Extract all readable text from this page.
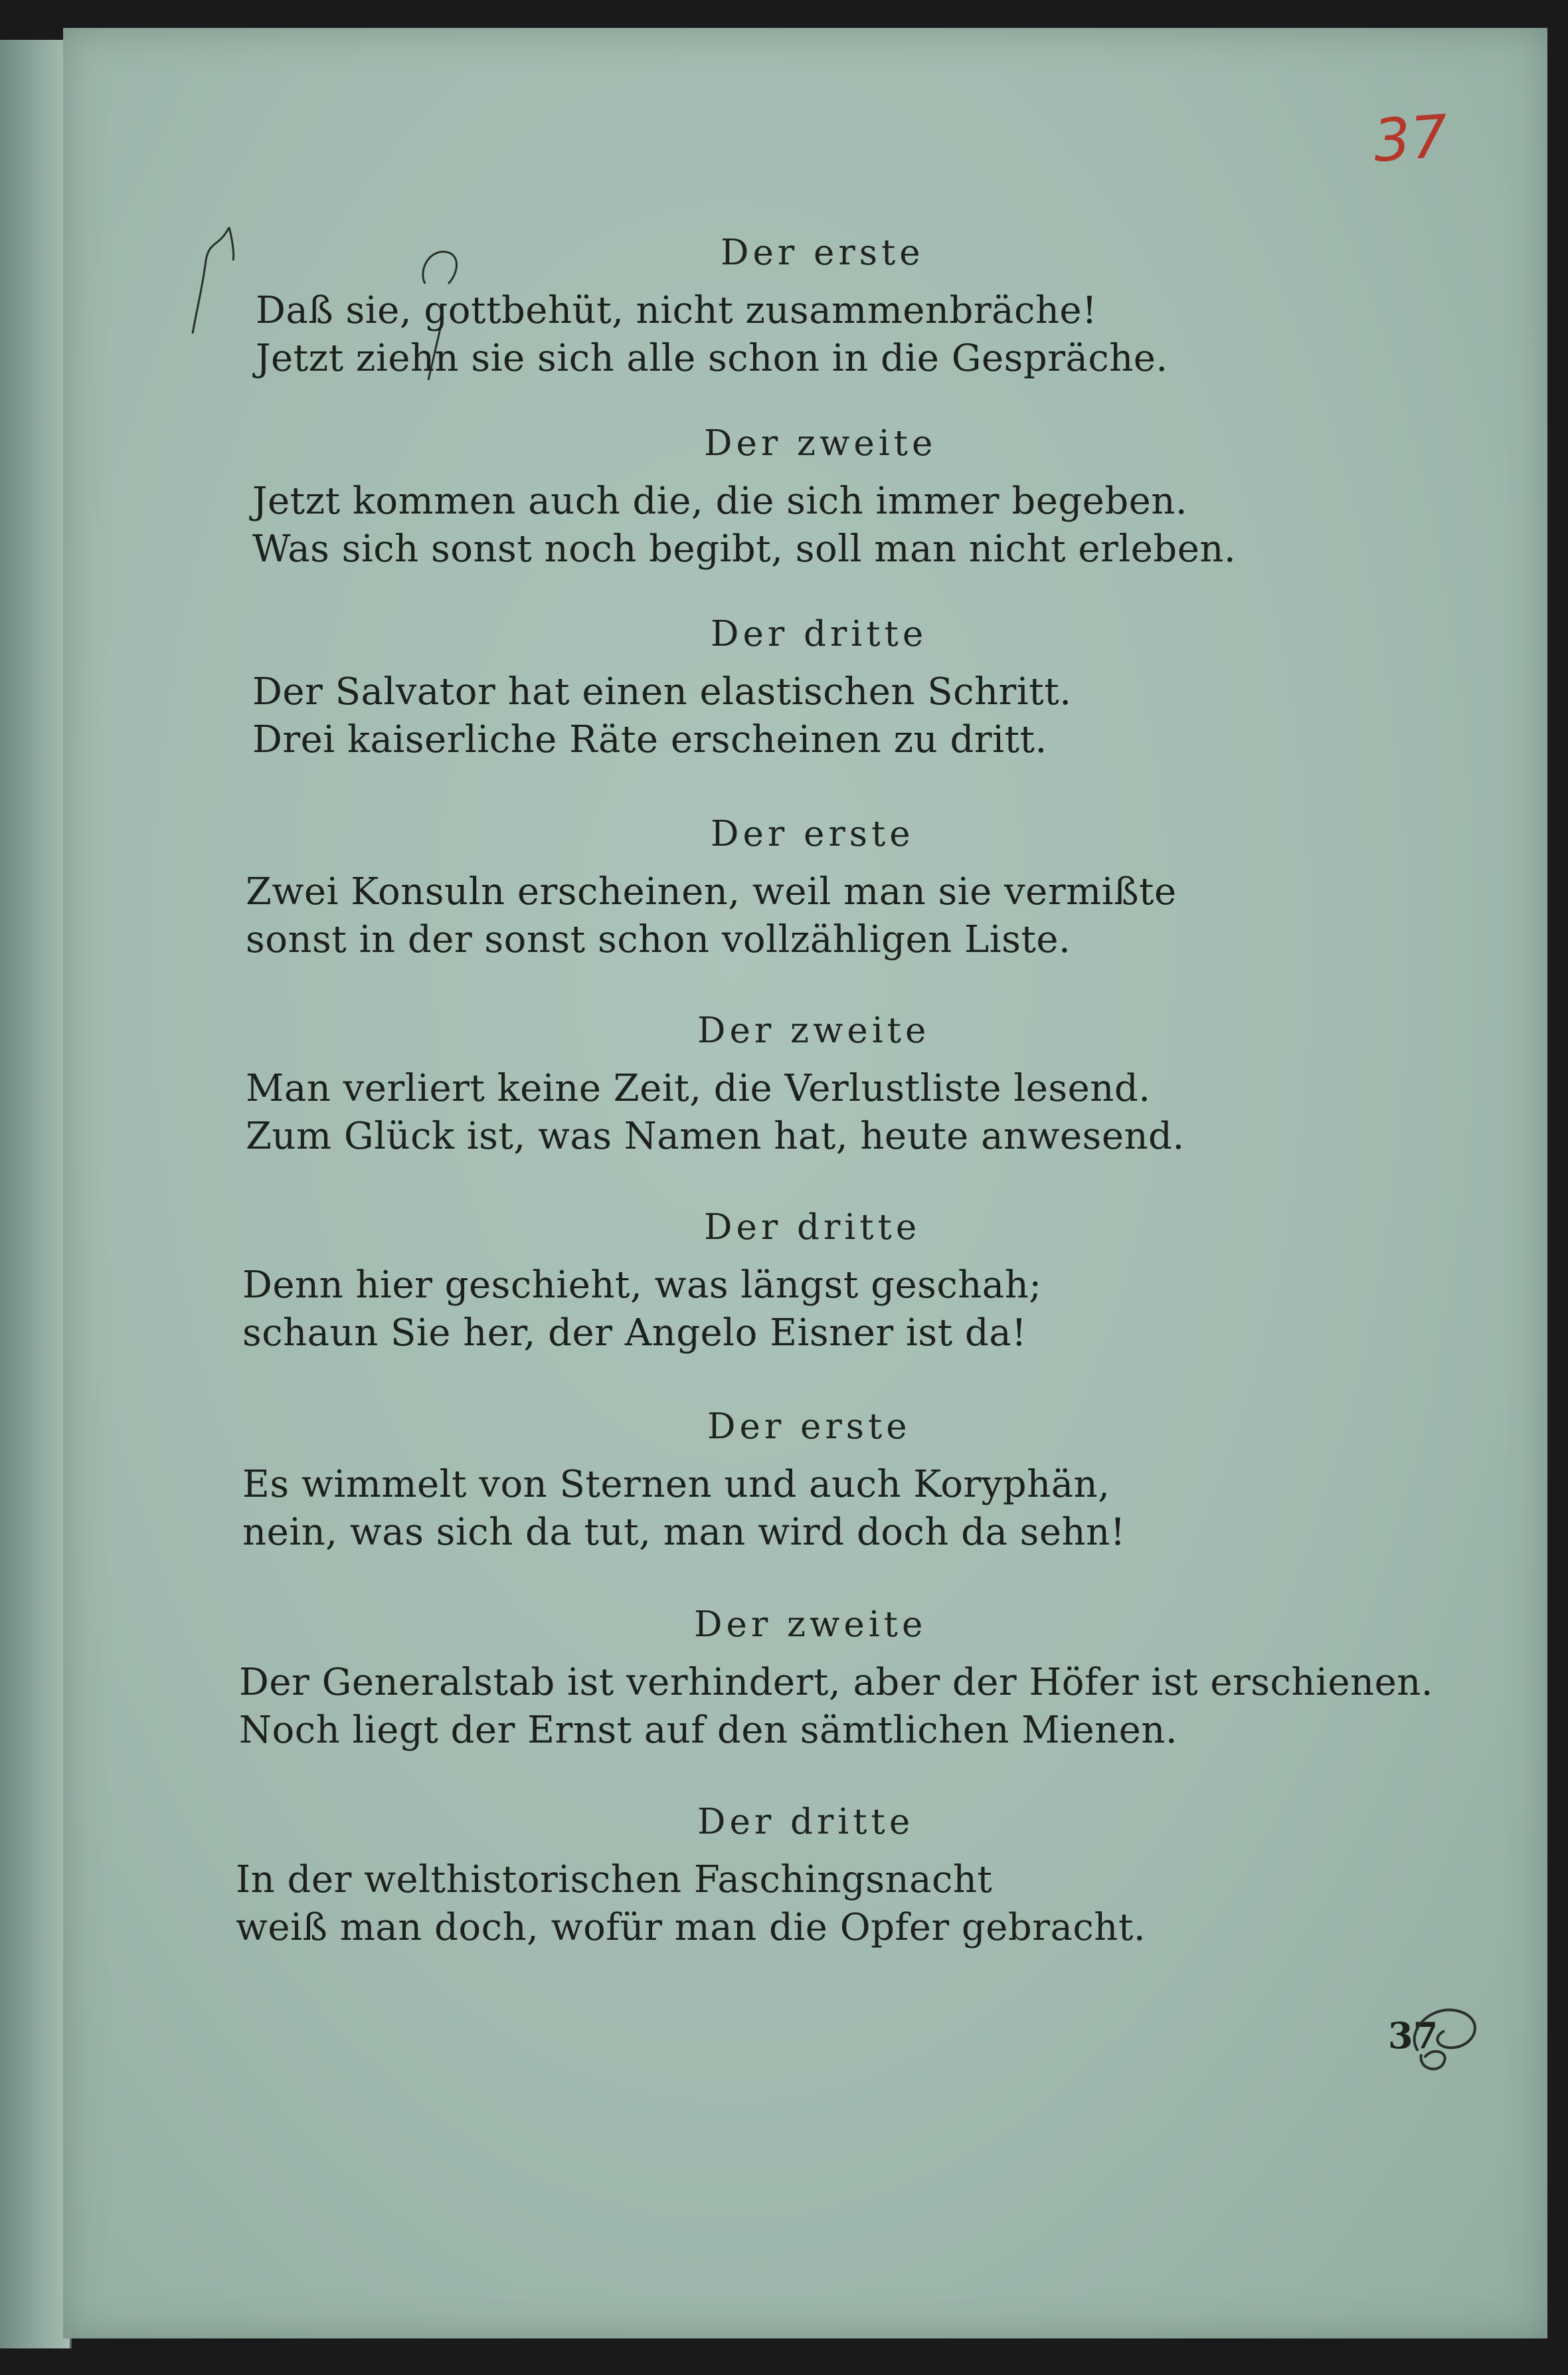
37
Der erste
Daß sie, gottbehüt, nicht zusammenbräche!
Jetzt ziehn sie sich alle schon in die Gespräche.
Der zweite
Jetzt kommen auch die, die sich immer begeben.
Was sich sonst noch begibt, soll man nicht erleben.
Der dritte
Der Salvator hat einen elastischen Schritt.
Drei kaiserliche Räte erscheinen zu dritt.
Der erste
Zwei Konsuln erscheinen, weil man sie vermißte
sonst in der sonst schon vollzähligen Liste.
Der zweite
Man verliert keine Zeit, die Verlustliste lesend.
Zum Glück ist, was Namen hat, heute anwesend.
Der dritte
Denn hier geschieht, was längst geschah;
schaun Sie her, der Angelo Eisner ist da!
Der erste
Es wimmelt von Sternen und auch Koryphän,
nein, was sich da tut, man wird doch da sehn!
Der zweite
Der Generalstab ist verhindert, aber der Höfer ist erschienen.
Noch liegt der Ernst auf den sämtlichen Mienen.
Der dritte
In der welthistorischen Faschingsnacht
weiß man doch, wofür man die Opfer gebracht.
37
